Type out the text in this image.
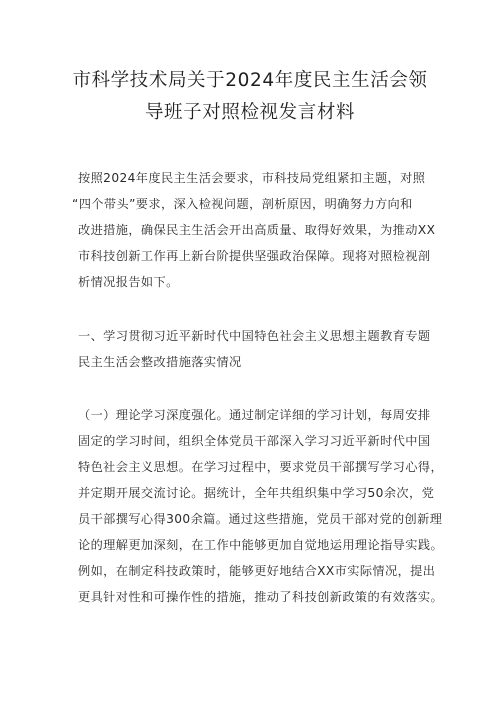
市科学技术局关于2024年度民主生活会领
导班子对照检视发言材料
按照2024年度民主生活会要求，市科技局党组紧扣主题，对照
“四个带头”要求，深入检视问题，剖析原因，明确努力方向和
改进措施，确保民主生活会开出高质量、取得好效果，为推动XX
市科技创新工作再上新台阶提供坚强政治保障。现将对照检视剖
析情况报告如下。
一、学习贯彻习近平新时代中国特色社会主义思想主题教育专题
民主生活会整改措施落实情况
（一）理论学习深度强化。通过制定详细的学习计划，每周安排
固定的学习时间，组织全体党员干部深入学习习近平新时代中国
特色社会主义思想。在学习过程中，要求党员干部撰写学习心得，
并定期开展交流讨论。据统计，全年共组织集中学习50余次，党
员干部撰写心得300余篇。通过这些措施，党员干部对党的创新理
论的理解更加深刻，在工作中能够更加自觉地运用理论指导实践。
例如，在制定科技政策时，能够更好地结合XX市实际情况，提出
更具针对性和可操作性的措施，推动了科技创新政策的有效落实。
